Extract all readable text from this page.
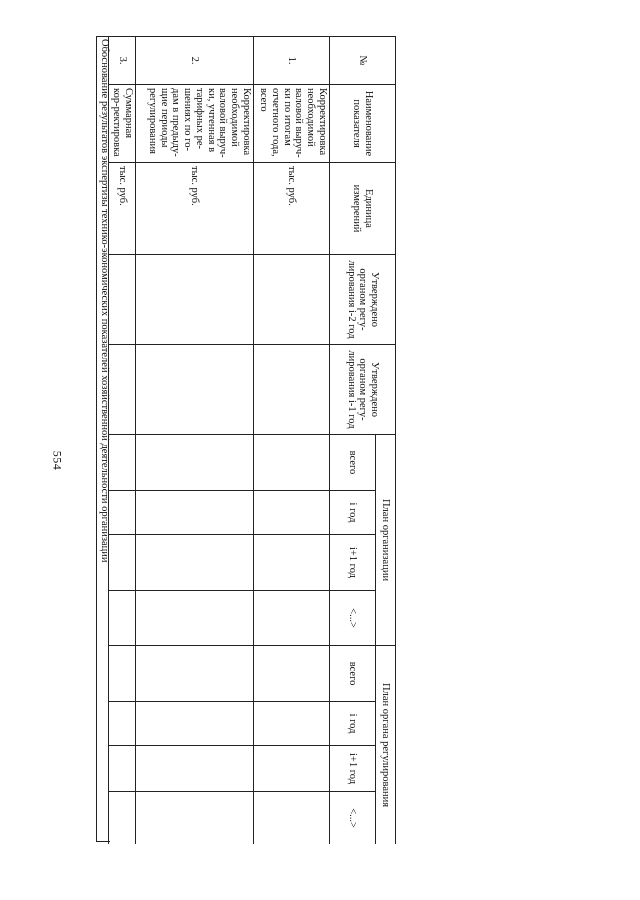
554
№	Наименование показателя	Единица измерений	Утверждено органом регу-лирования i-2 год	Утверждено органом регу-лирования i-1 год	План организации				План органа регулирования			
					всего	i год	i+1 год	<...>	всего	i год	i+1 год	<...>
1.	Корректировка необходимой валовой выруч-ки по итогам отчетного года, всего	тыс. руб.										
2.	Корректировка необходимой валовой выруч-ки, учтенная в тарифных ре-шениях по го-дам в предыду-щие периоды регулирования	тыс. руб.										
3.	Суммарная кор-ректировка	тыс. руб.										
Обоснование результатов экспертизы технико-экономических показателей хозяйственной деятельности организации
